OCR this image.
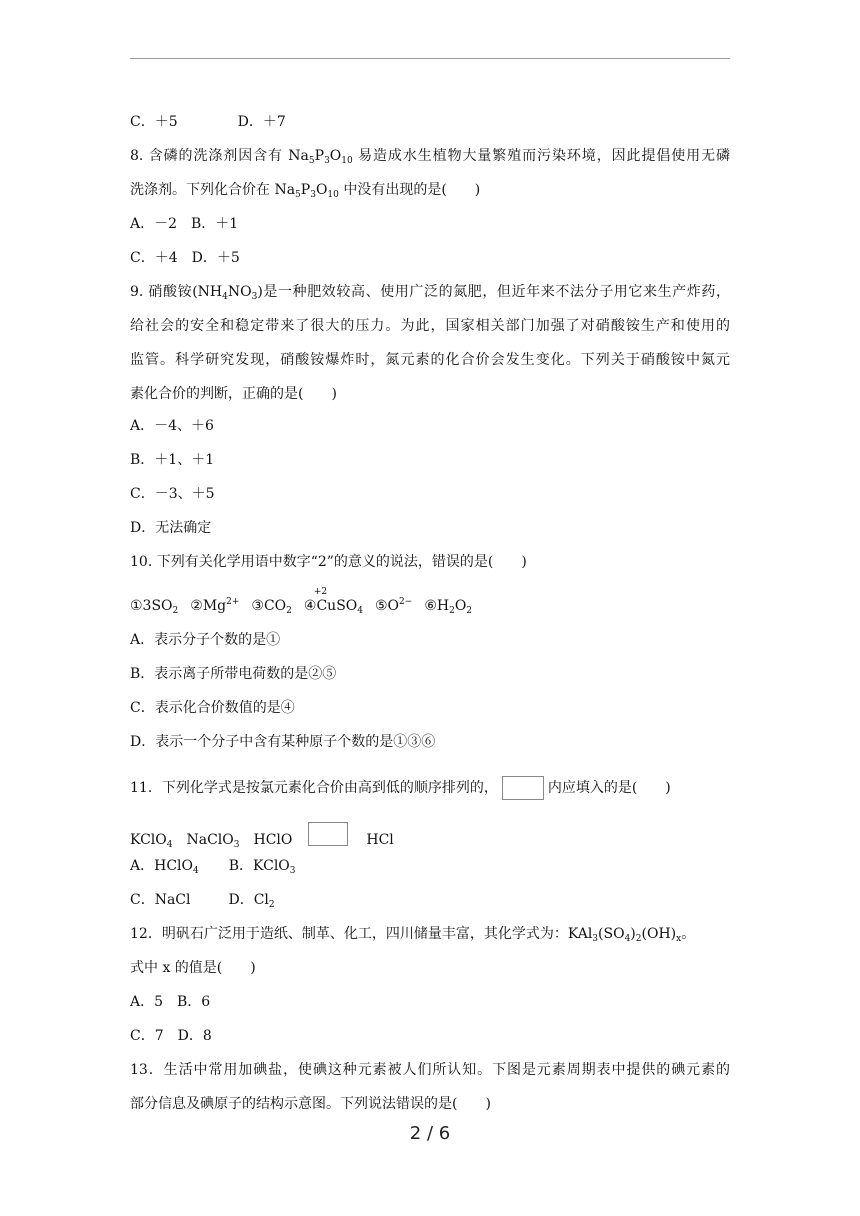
C．＋5	D．＋7
8. 含磷的洗涤剂因含有 $Na_5P_3O_{10}$ 易造成水生植物大量繁殖而污染环境，因此提倡使用无磷
洗涤剂。下列化合价在 $Na_5P_3O_{10}$ 中没有出现的是(　　)
A．－2　B．＋1
C．＋4　D．＋5
9. 硝酸铵$(NH_4NO_3)$是一种肥效较高、使用广泛的氮肥，但近年来不法分子用它来生产炸药，
给社会的安全和稳定带来了很大的压力。为此，国家相关部门加强了对硝酸铵生产和使用的
监管。科学研究发现，硝酸铵爆炸时，氮元素的化合价会发生变化。下列关于硝酸铵中氮元
素化合价的判断，正确的是(　　)
A．－4、＋6
B．＋1、＋1
C．－3、＋5
D．无法确定
10. 下列有关化学用语中数字“2”的意义的说法，错误的是(　　)
$①3SO_2$ $②Mg^{2+}$ $③CO_2$ ④C
+2
uSO$_4$ $⑤O^{2-}$ $⑥H_2O_2$
A．表示分子个数的是①
B．表示离子所带电荷数的是②⑤
C．表示化合价数值的是④
D．表示一个分子中含有某种原子个数的是①③⑥
11．下列化学式是按氯元素化合价由高到低的顺序排列的，	内应填入的是(　　)
KClO$_4$ NaClO$_3$ HClO	HCl
A．HClO$_4$ B．KClO$_3$
C．NaCl	D．$Cl_2$
12．明矾石广泛用于造纸、制革、化工，四川储量丰富，其化学式为：$KAl_3(SO_4)_2(OH)_x$。
式中 x 的值是(　　)
A．5　B．6
C．7　D．8
13．生活中常用加碘盐，使碘这种元素被人们所认知。下图是元素周期表中提供的碘元素的
部分信息及碘原子的结构示意图。下列说法错误的是(　　)
2 / 6
